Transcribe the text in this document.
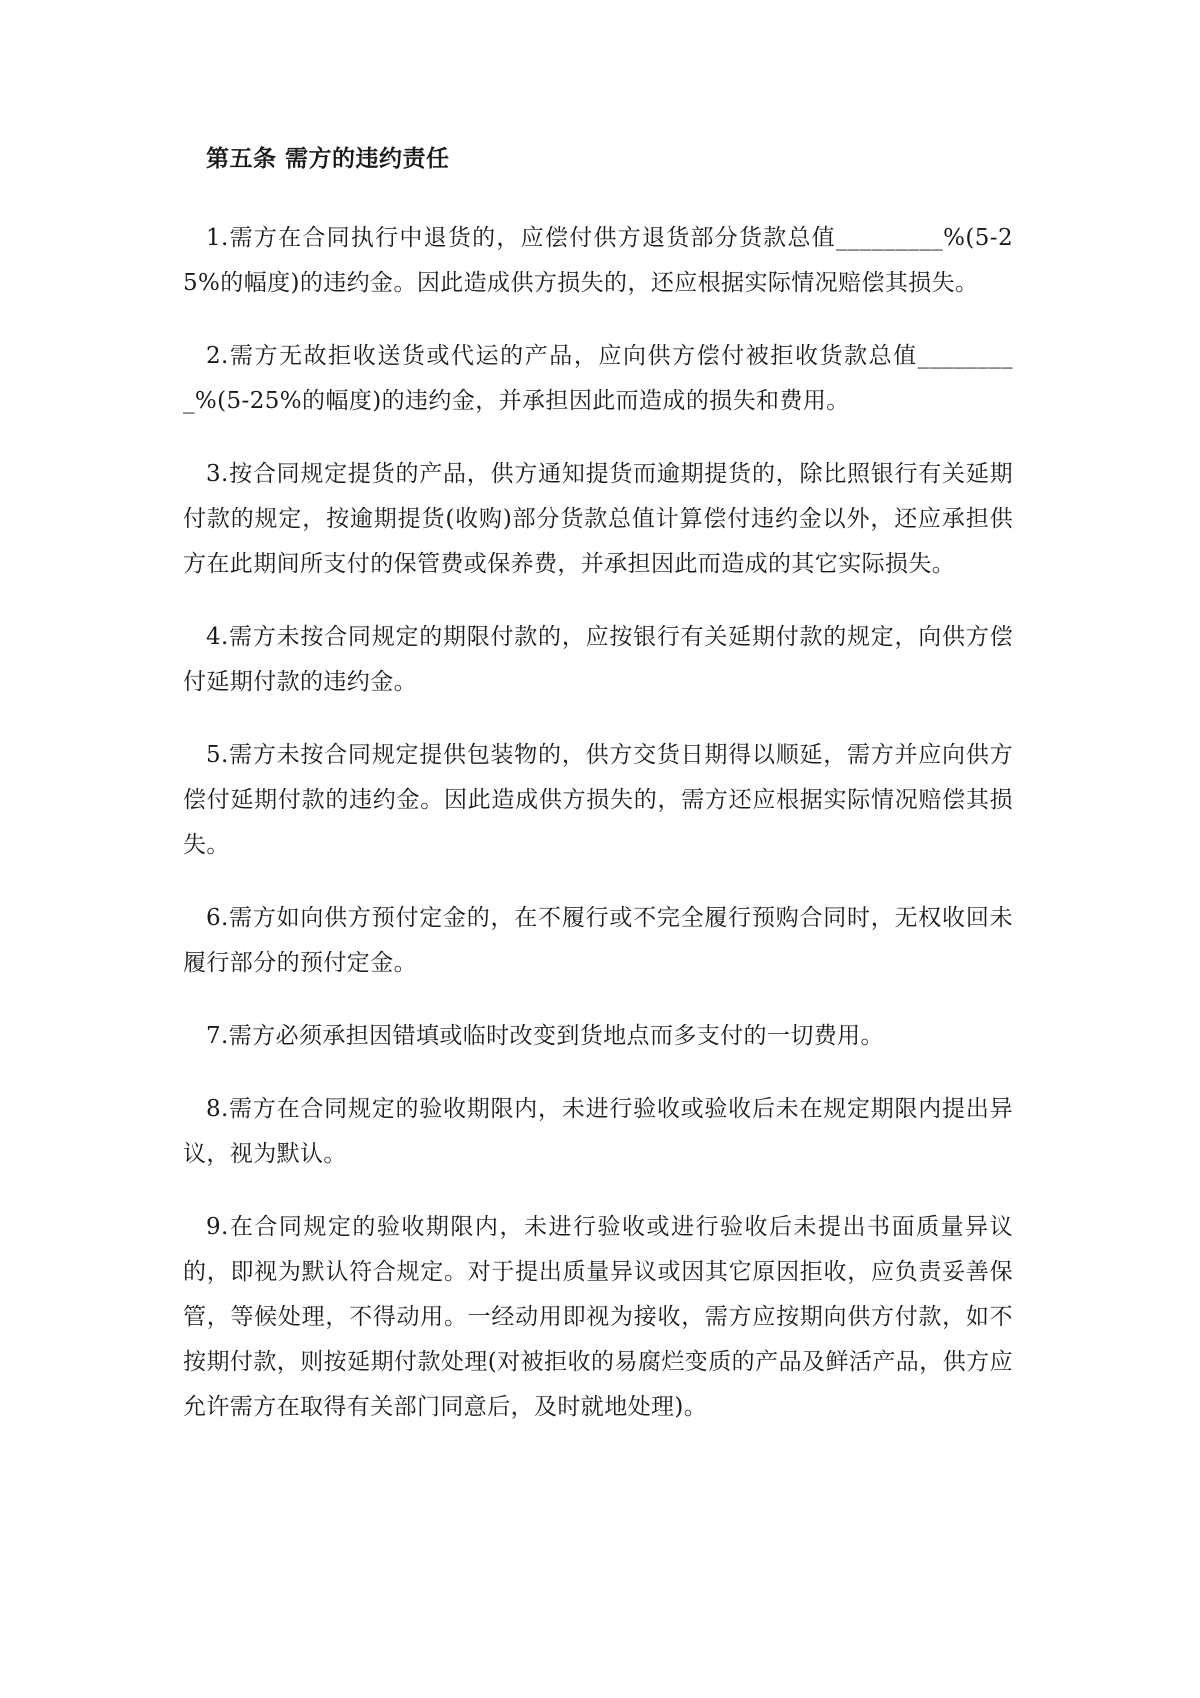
第五条 需方的违约责任

1.需方在合同执行中退货的，应偿付供方退货部分货款总值_________%(5-25%的幅度)的违约金。因此造成供方损失的，还应根据实际情况赔偿其损失。

2.需方无故拒收送货或代运的产品，应向供方偿付被拒收货款总值_________%(5-25%的幅度)的违约金，并承担因此而造成的损失和费用。

3.按合同规定提货的产品，供方通知提货而逾期提货的，除比照银行有关延期付款的规定，按逾期提货(收购)部分货款总值计算偿付违约金以外，还应承担供方在此期间所支付的保管费或保养费，并承担因此而造成的其它实际损失。

4.需方未按合同规定的期限付款的，应按银行有关延期付款的规定，向供方偿付延期付款的违约金。

5.需方未按合同规定提供包装物的，供方交货日期得以顺延，需方并应向供方偿付延期付款的违约金。因此造成供方损失的，需方还应根据实际情况赔偿其损失。

6.需方如向供方预付定金的，在不履行或不完全履行预购合同时，无权收回未履行部分的预付定金。

7.需方必须承担因错填或临时改变到货地点而多支付的一切费用。

8.需方在合同规定的验收期限内，未进行验收或验收后未在规定期限内提出异议，视为默认。

9.在合同规定的验收期限内，未进行验收或进行验收后未提出书面质量异议的，即视为默认符合规定。对于提出质量异议或因其它原因拒收，应负责妥善保管，等候处理，不得动用。一经动用即视为接收，需方应按期向供方付款，如不按期付款，则按延期付款处理(对被拒收的易腐烂变质的产品及鲜活产品，供方应允许需方在取得有关部门同意后，及时就地处理)。
